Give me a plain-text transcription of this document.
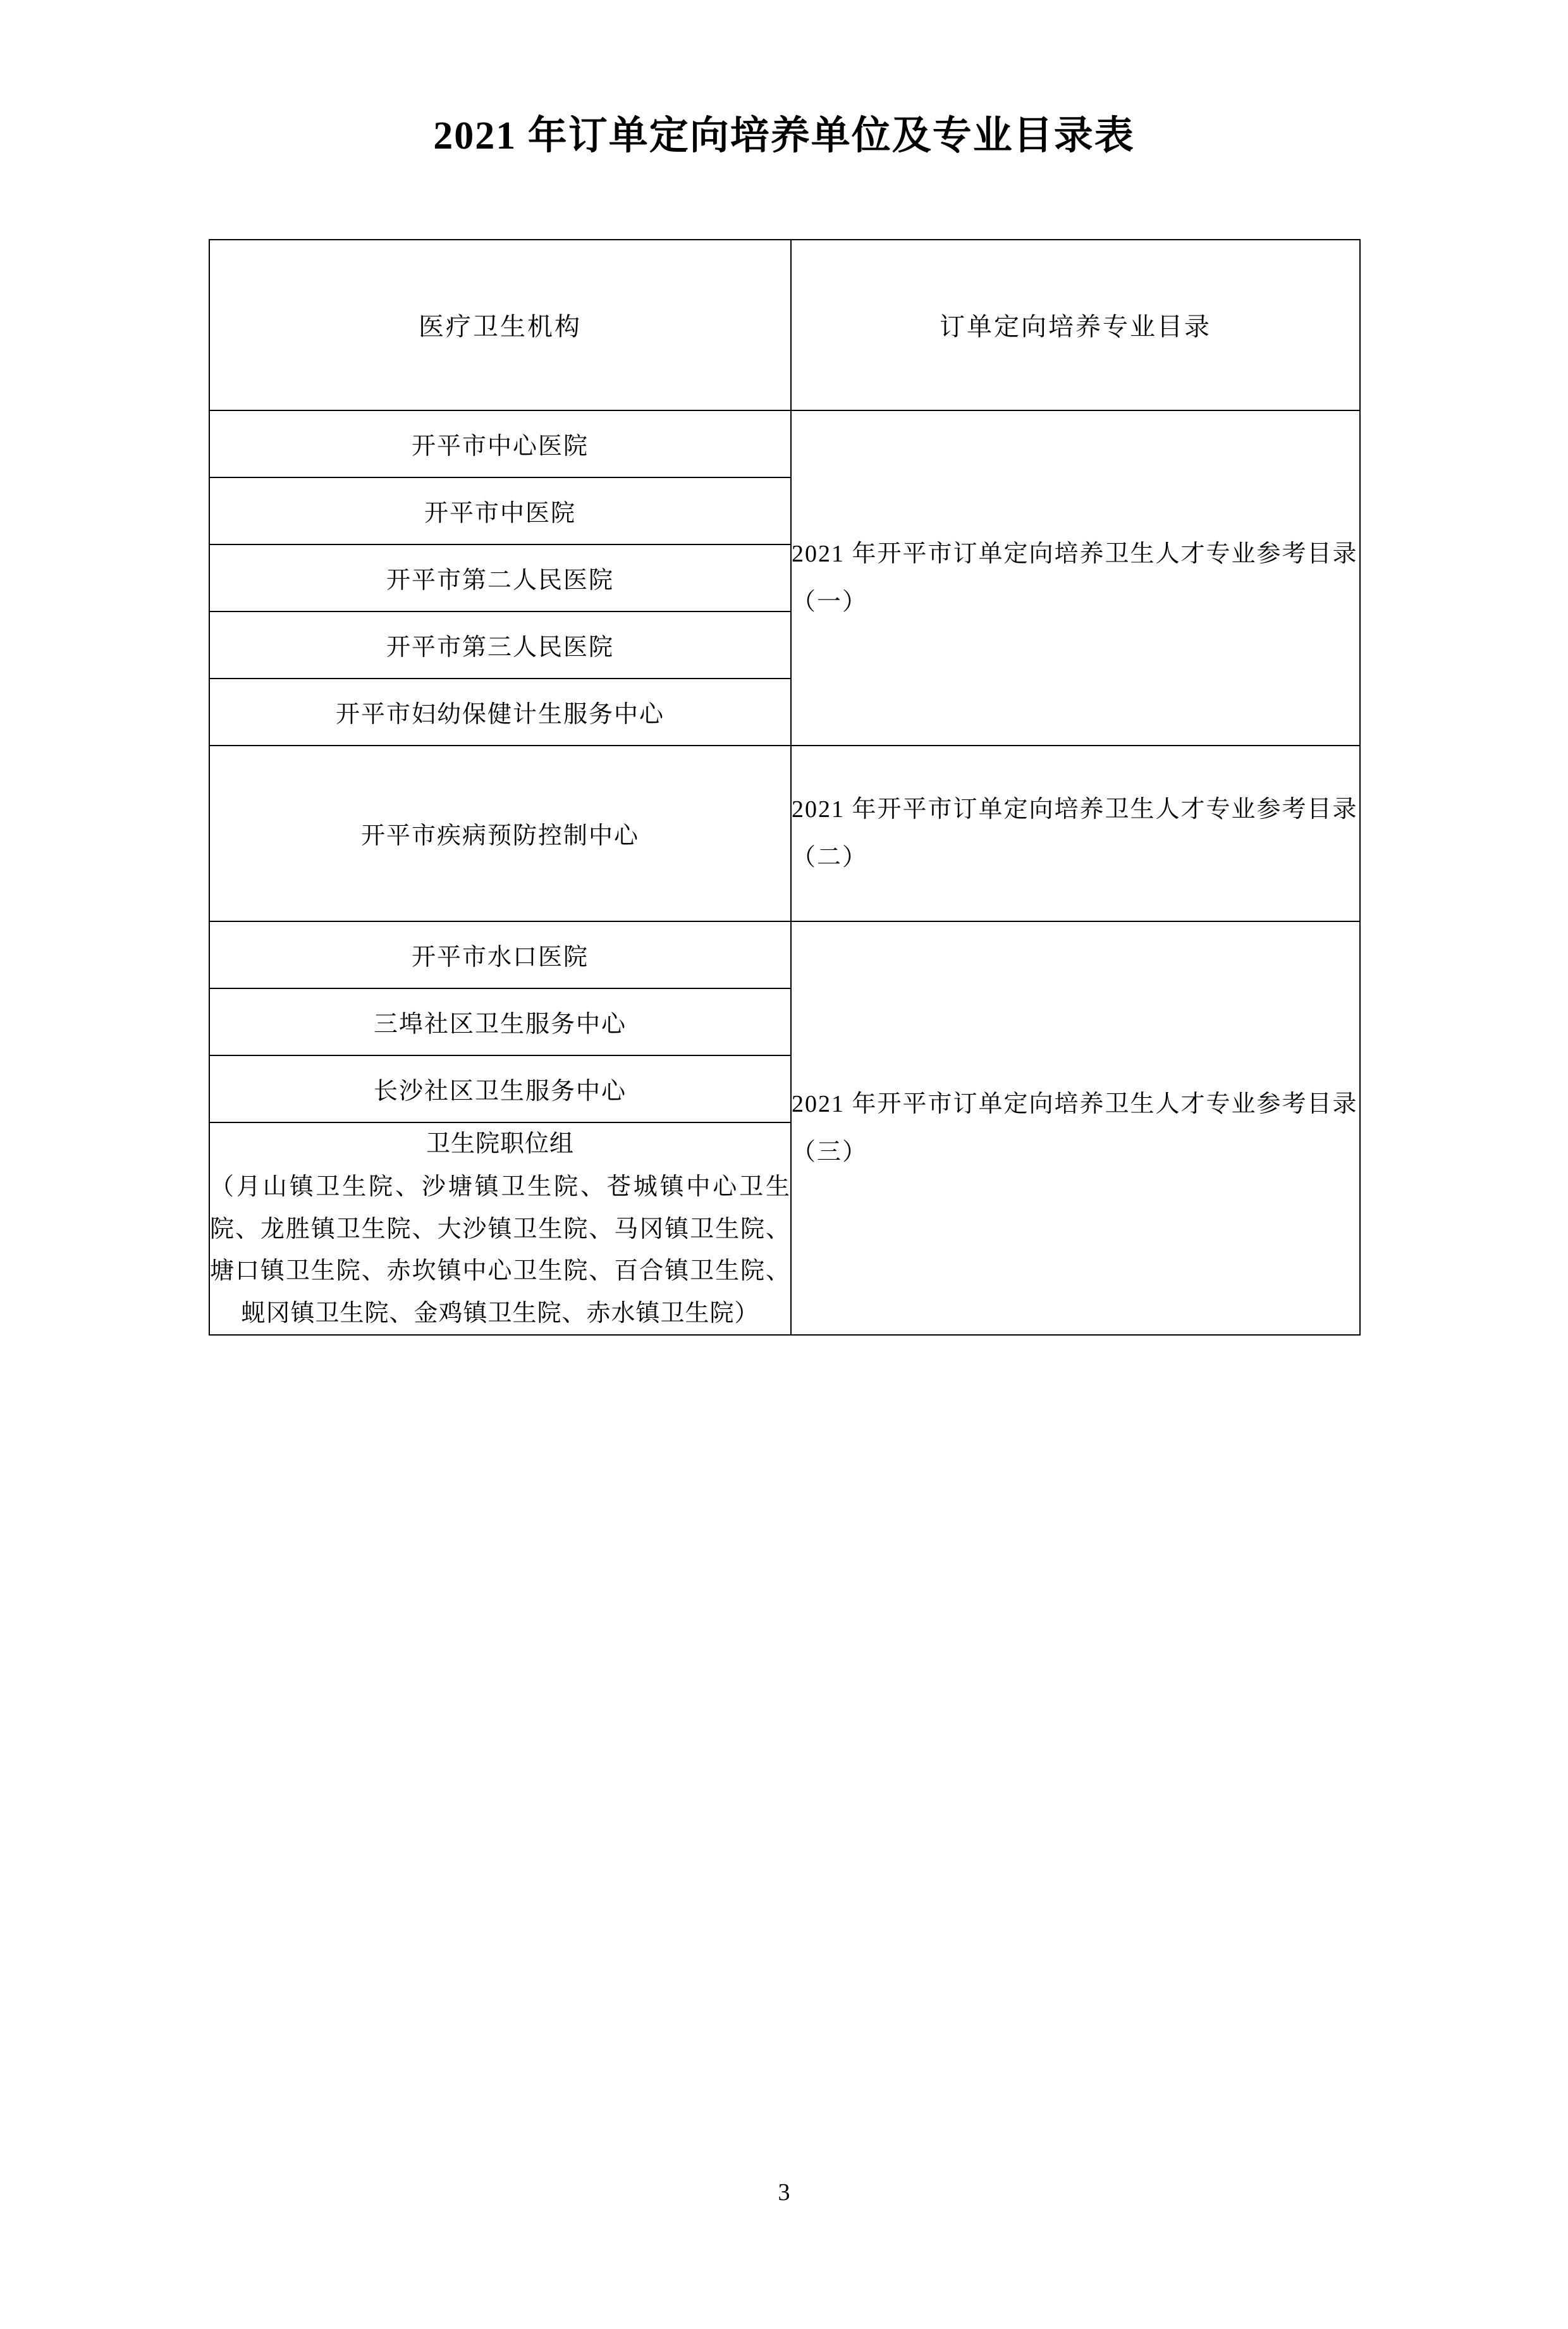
2021 年订单定向培养单位及专业目录表
医疗卫生机构	订单定向培养专业目录
开平市中心医院	2021 年开平市订单定向培养卫生人才专业参考目录（一）

开平市中医院	
开平市第二人民医院	
开平市第三人民医院	
开平市妇幼保健计生服务中心	
开平市疾病预防控制中心	2021 年开平市订单定向培养卫生人才专业参考目录（二）

开平市水口医院	2021 年开平市订单定向培养卫生人才专业参考目录（三）

三埠社区卫生服务中心	
长沙社区卫生服务中心	

卫生院职位组
（月山镇卫生院、沙塘镇卫生院、苍城镇中心卫生院、龙胜镇卫生院、大沙镇卫生院、马冈镇卫生院、塘口镇卫生院、赤坎镇中心卫生院、百合镇卫生院、蚬冈镇卫生院、金鸡镇卫生院、赤水镇卫生院）	
3
